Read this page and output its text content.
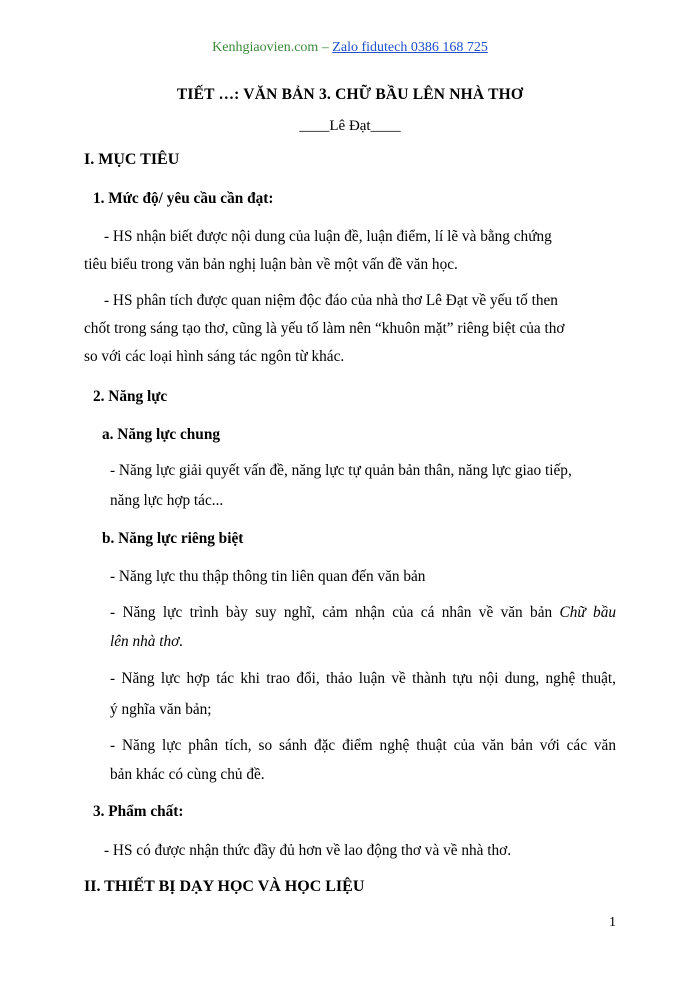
Kenhgiaovien.com – Zalo fidutech 0386 168 725
TIẾT …: VĂN BẢN 3. CHỮ BẦU LÊN NHÀ THƠ
____Lê Đạt____
I. MỤC TIÊU
1. Mức độ/ yêu cầu cần đạt:
- HS nhận biết được nội dung của luận đề, luận điểm, lí lẽ và bằng chứng
tiêu biểu trong văn bản nghị luận bàn về một vấn đề văn học.
- HS phân tích được quan niệm độc đáo của nhà thơ Lê Đạt về yếu tố then
chốt trong sáng tạo thơ, cũng là yếu tố làm nên “khuôn mặt” riêng biệt của thơ
so với các loại hình sáng tác ngôn từ khác.
2. Năng lực
a. Năng lực chung
- Năng lực giải quyết vấn đề, năng lực tự quản bản thân, năng lực giao tiếp,
năng lực hợp tác...
b. Năng lực riêng biệt
- Năng lực thu thập thông tin liên quan đến văn bản
- Năng lực trình bày suy nghĩ, cảm nhận của cá nhân về văn bản Chữ bầu
lên nhà thơ.
- Năng lực hợp tác khi trao đổi, thảo luận về thành tựu nội dung, nghệ thuật,
ý nghĩa văn bản;
- Năng lực phân tích, so sánh đặc điểm nghệ thuật của văn bản với các văn
bản khác có cùng chủ đề.
3. Phẩm chất:
- HS có được nhận thức đầy đủ hơn về lao động thơ và về nhà thơ.
II. THIẾT BỊ DẠY HỌC VÀ HỌC LIỆU
1
